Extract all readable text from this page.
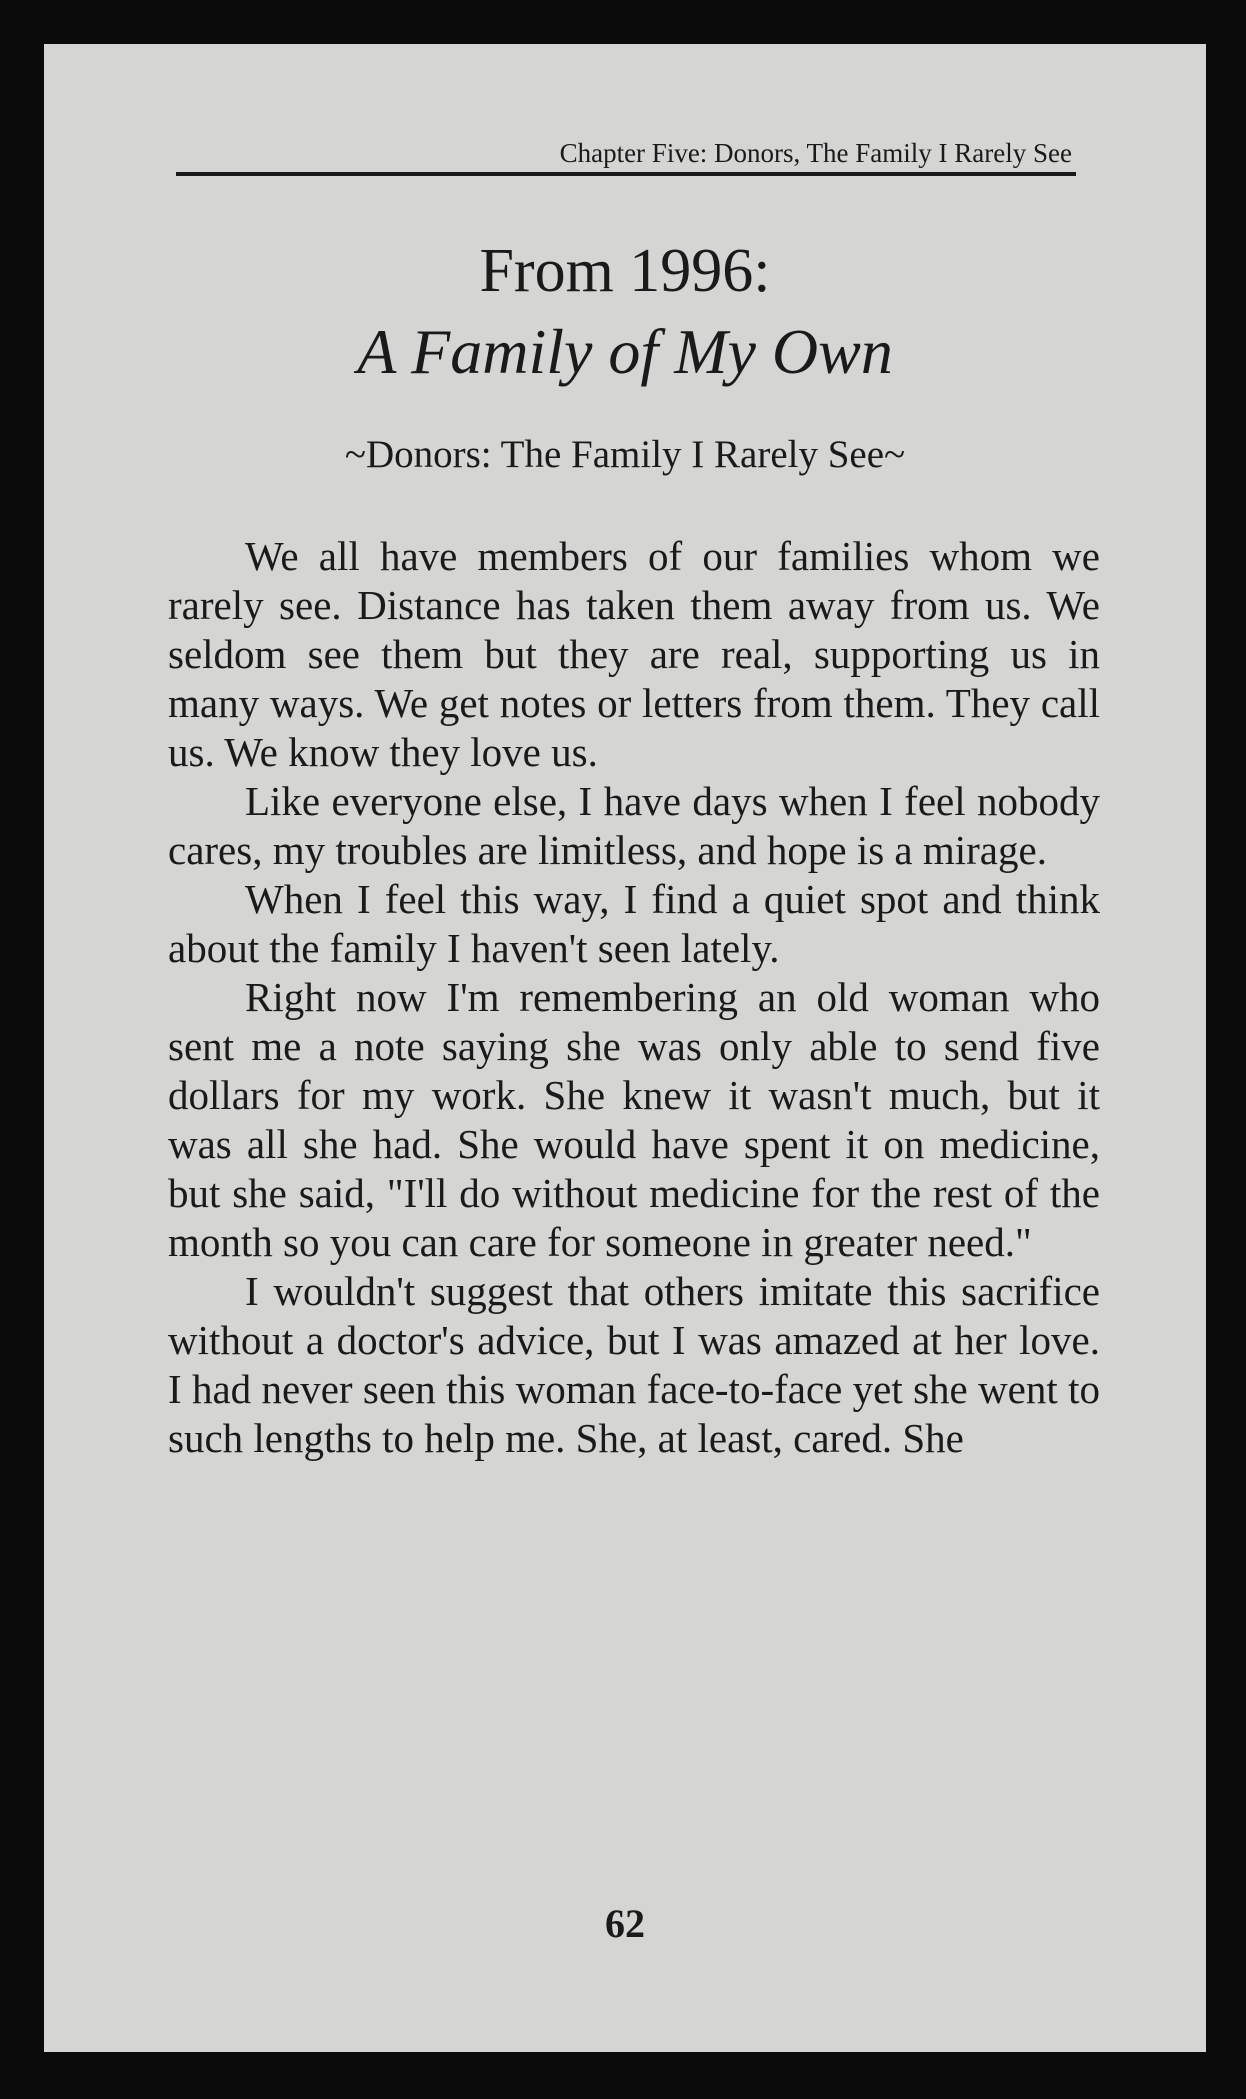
Chapter Five: Donors, The Family I Rarely See
From 1996:
A Family of My Own
~Donors: The Family I Rarely See~

We all have members of our families whom we rarely see. Distance has taken them away from us. We seldom see them but they are real, supporting us in many ways. We get notes or letters from them. They call us. We know they love us.

Like everyone else, I have days when I feel nobody cares, my troubles are limitless, and hope is a mirage.

When I feel this way, I find a quiet spot and think about the family I haven't seen lately.

Right now I'm remembering an old woman who sent me a note saying she was only able to send five dollars for my work. She knew it wasn't much, but it was all she had. She would have spent it on medicine, but she said, "I'll do without medicine for the rest of the month so you can care for someone in greater need."

I wouldn't suggest that others imitate this sacrifice without a doctor's advice, but I was amazed at her love. I had never seen this woman face-to-face yet she went to such lengths to help me. She, at least, cared. She

62
